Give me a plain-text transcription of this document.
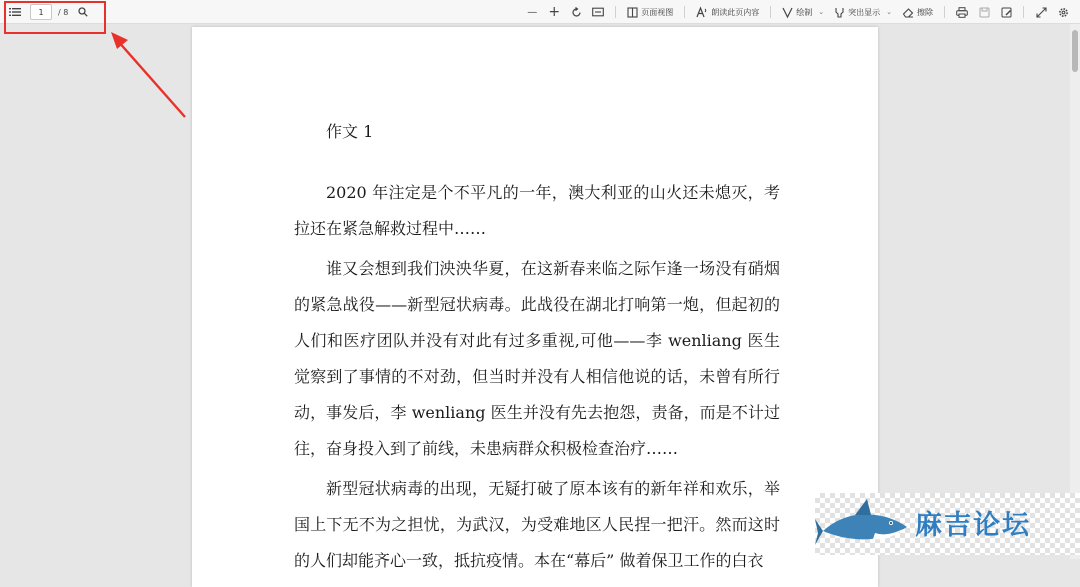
1
/ 8	— +	页面视图	朗读此页内容	绘制 ⌄	突出显示 ⌄	擦除
作文 1

2020 年注定是个不平凡的一年，澳大利亚的山火还未熄灭，考拉还在紧急解救过程中……

谁又会想到我们泱泱华夏，在这新春来临之际乍逢一场没有硝烟的紧急战役——新型冠状病毒。此战役在湖北打响第一炮，但起初的人们和医疗团队并没有对此有过多重视,可他——李 wenliang 医生觉察到了事情的不对劲，但当时并没有人相信他说的话，未曾有所行动，事发后，李 wenliang 医生并没有先去抱怨，责备，而是不计过往，奋身投入到了前线，未患病群众积极检查治疗……

新型冠状病毒的出现，无疑打破了原本该有的新年祥和欢乐，举国上下无不为之担忧，为武汉，为受难地区人民捏一把汗。然而这时的人们却能齐心一致，抵抗疫情。本在“幕后” 做着保卫工作的白衣

麻吉论坛
